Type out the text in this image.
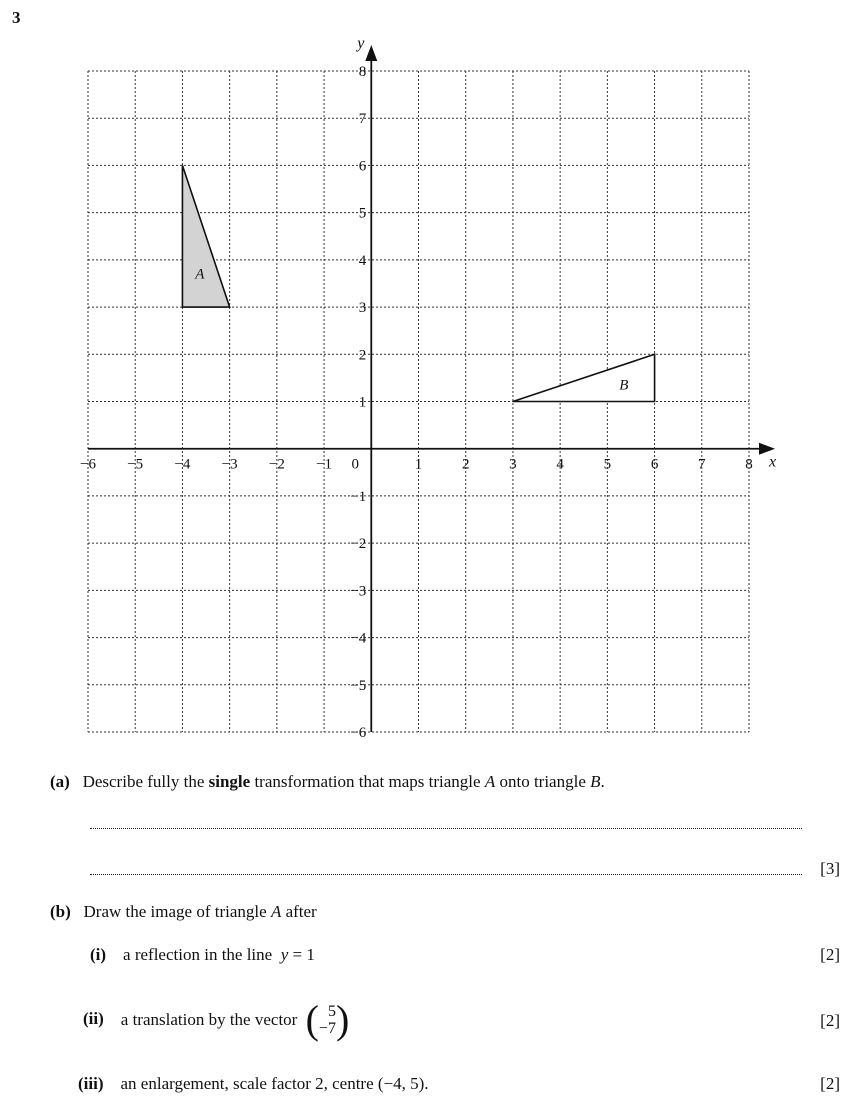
3
x
y
−6 −5 −4 −3 −2 −1 0	1	2	3	4	5	6	7	8
−6
−5
−4
−3
−2
−1
1
2
3
4
5
6
7
8
A
B
(a) Describe fully the single transformation that maps triangle A onto triangle B.
[3]
(b) Draw the image of triangle A after
(i) a reflection in the line y = 1	[2]
(ii) a translation by the vector ( 5
−7 )	[2]
(iii) an enlargement, scale factor 2, centre (−4, 5).	[2]
